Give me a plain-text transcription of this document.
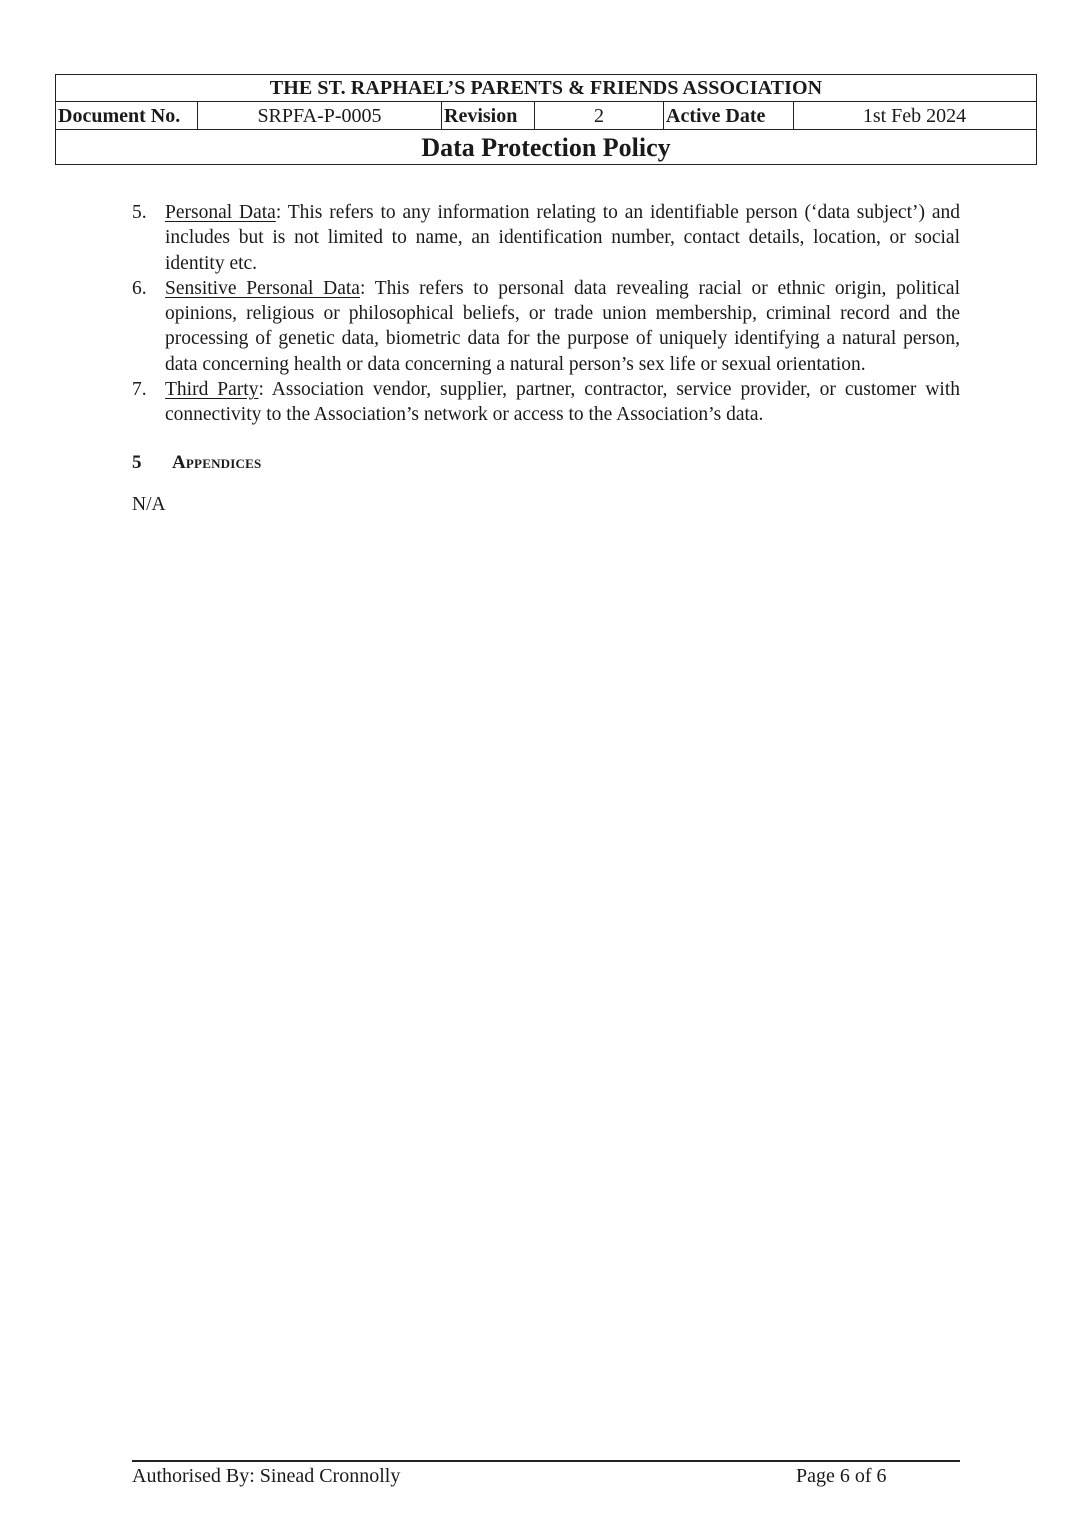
THE ST. RAPHAEL’S PARENTS & FRIENDS ASSOCIATION
Document No.	SRPFA-P-0005	Revision	2	Active Date	1st Feb 2024
Data Protection Policy
5. Personal Data: This refers to any information relating to an identifiable person (‘data subject’) and includes but is not limited to name, an identification number, contact details, location, or social identity etc.
6. Sensitive Personal Data: This refers to personal data revealing racial or ethnic origin, political opinions, religious or philosophical beliefs, or trade union membership, criminal record and the processing of genetic data, biometric data for the purpose of uniquely identifying a natural person, data concerning health or data concerning a natural person’s sex life or sexual orientation.
7. Third Party: Association vendor, supplier, partner, contractor, service provider, or customer with connectivity to the Association’s network or access to the Association’s data.
5	Appendices
N/A
Authorised By: Sinead Cronnolly	Page 6 of 6
